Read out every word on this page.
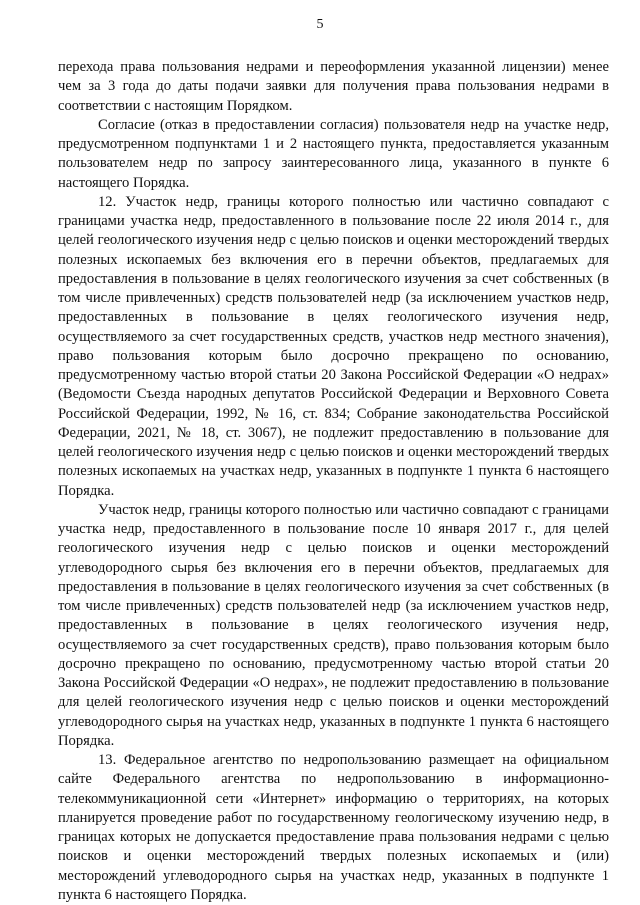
5

перехода права пользования недрами и переоформления указанной лицензии) менее чем за 3 года до даты подачи заявки для получения права пользования недрами в соответствии с настоящим Порядком.

Согласие (отказ в предоставлении согласия) пользователя недр на участке недр, предусмотренном подпунктами 1 и 2 настоящего пункта, предоставляется указанным пользователем недр по запросу заинтересованного лица, указанного в пункте 6 настоящего Порядка.

12. Участок недр, границы которого полностью или частично совпадают с границами участка недр, предоставленного в пользование после 22 июля 2014 г., для целей геологического изучения недр с целью поисков и оценки месторождений твердых полезных ископаемых без включения его в перечни объектов, предлагаемых для предоставления в пользование в целях геологического изучения за счет собственных (в том числе привлеченных) средств пользователей недр (за исключением участков недр, предоставленных в пользование в целях геологического изучения недр, осуществляемого за счет государственных средств, участков недр местного значения), право пользования которым было досрочно прекращено по основанию, предусмотренному частью второй статьи 20 Закона Российской Федерации «О недрах» (Ведомости Съезда народных депутатов Российской Федерации и Верховного Совета Российской Федерации, 1992, № 16, ст. 834; Собрание законодательства Российской Федерации, 2021, № 18, ст. 3067), не подлежит предоставлению в пользование для целей геологического изучения недр с целью поисков и оценки месторождений твердых полезных ископаемых на участках недр, указанных в подпункте 1 пункта 6 настоящего Порядка.

Участок недр, границы которого полностью или частично совпадают с границами участка недр, предоставленного в пользование после 10 января 2017 г., для целей геологического изучения недр с целью поисков и оценки месторождений углеводородного сырья без включения его в перечни объектов, предлагаемых для предоставления в пользование в целях геологического изучения за счет собственных (в том числе привлеченных) средств пользователей недр (за исключением участков недр, предоставленных в пользование в целях геологического изучения недр, осуществляемого за счет государственных средств), право пользования которым было досрочно прекращено по основанию, предусмотренному частью второй статьи 20 Закона Российской Федерации «О недрах», не подлежит предоставлению в пользование для целей геологического изучения недр с целью поисков и оценки месторождений углеводородного сырья на участках недр, указанных в подпункте 1 пункта 6 настоящего Порядка.

13. Федеральное агентство по недропользованию размещает на официальном сайте Федерального агентства по недропользованию в информационно-телекоммуникационной сети «Интернет» информацию о территориях, на которых планируется проведение работ по государственному геологическому изучению недр, в границах которых не допускается предоставление права пользования недрами с целью поисков и оценки месторождений твердых полезных ископаемых и (или) месторождений углеводородного сырья на участках недр, указанных в подпункте 1 пункта 6 настоящего Порядка.
